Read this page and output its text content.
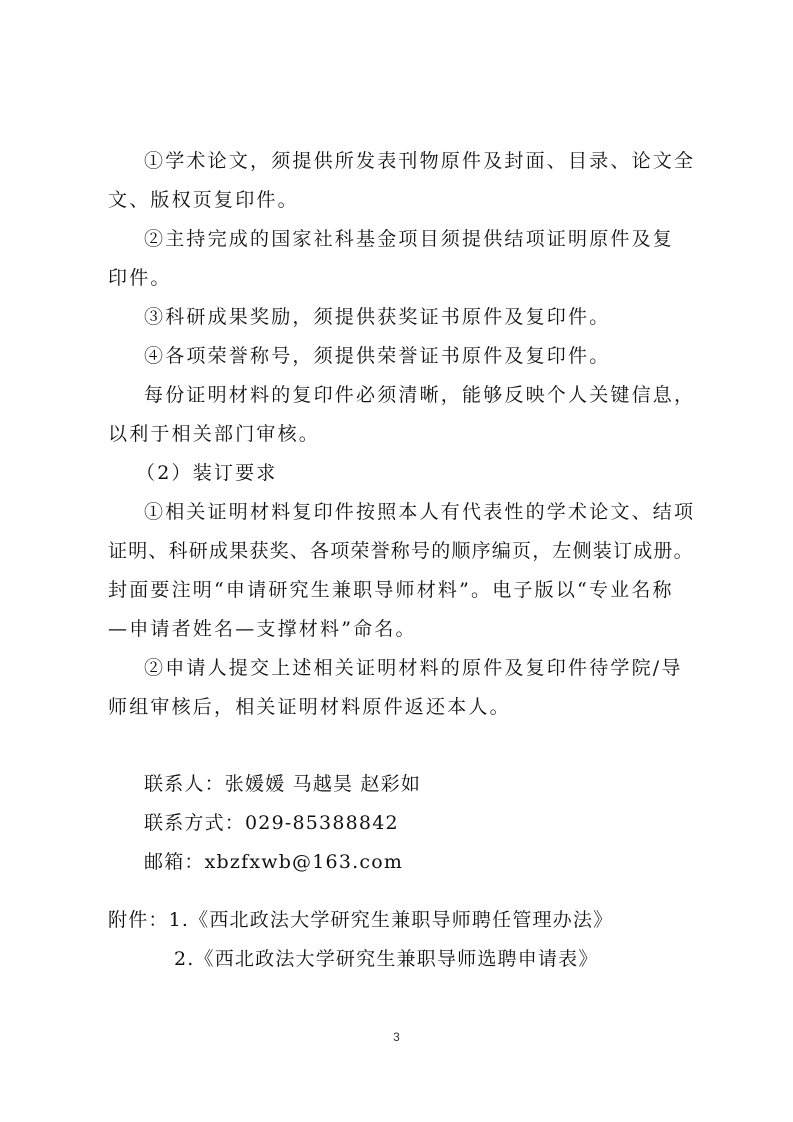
①学术论文，须提供所发表刊物原件及封面、目录、论文全
文、版权页复印件。
②主持完成的国家社科基金项目须提供结项证明原件及复
印件。
③科研成果奖励，须提供获奖证书原件及复印件。
④各项荣誉称号，须提供荣誉证书原件及复印件。
每份证明材料的复印件必须清晰，能够反映个人关键信息，
以利于相关部门审核。
（2）装订要求
①相关证明材料复印件按照本人有代表性的学术论文、结项
证明、科研成果获奖、各项荣誉称号的顺序编页，左侧装订成册。
封面要注明“申请研究生兼职导师材料”。电子版以“专业名称
—申请者姓名—支撑材料”命名。
②申请人提交上述相关证明材料的原件及复印件待学院/导
师组审核后，相关证明材料原件返还本人。
联系人：张媛媛 马越昊 赵彩如
联系方式：029-85388842
邮箱：xbzfxwb@163.com
附件：1.《西北政法大学研究生兼职导师聘任管理办法》
2.《西北政法大学研究生兼职导师选聘申请表》
3
